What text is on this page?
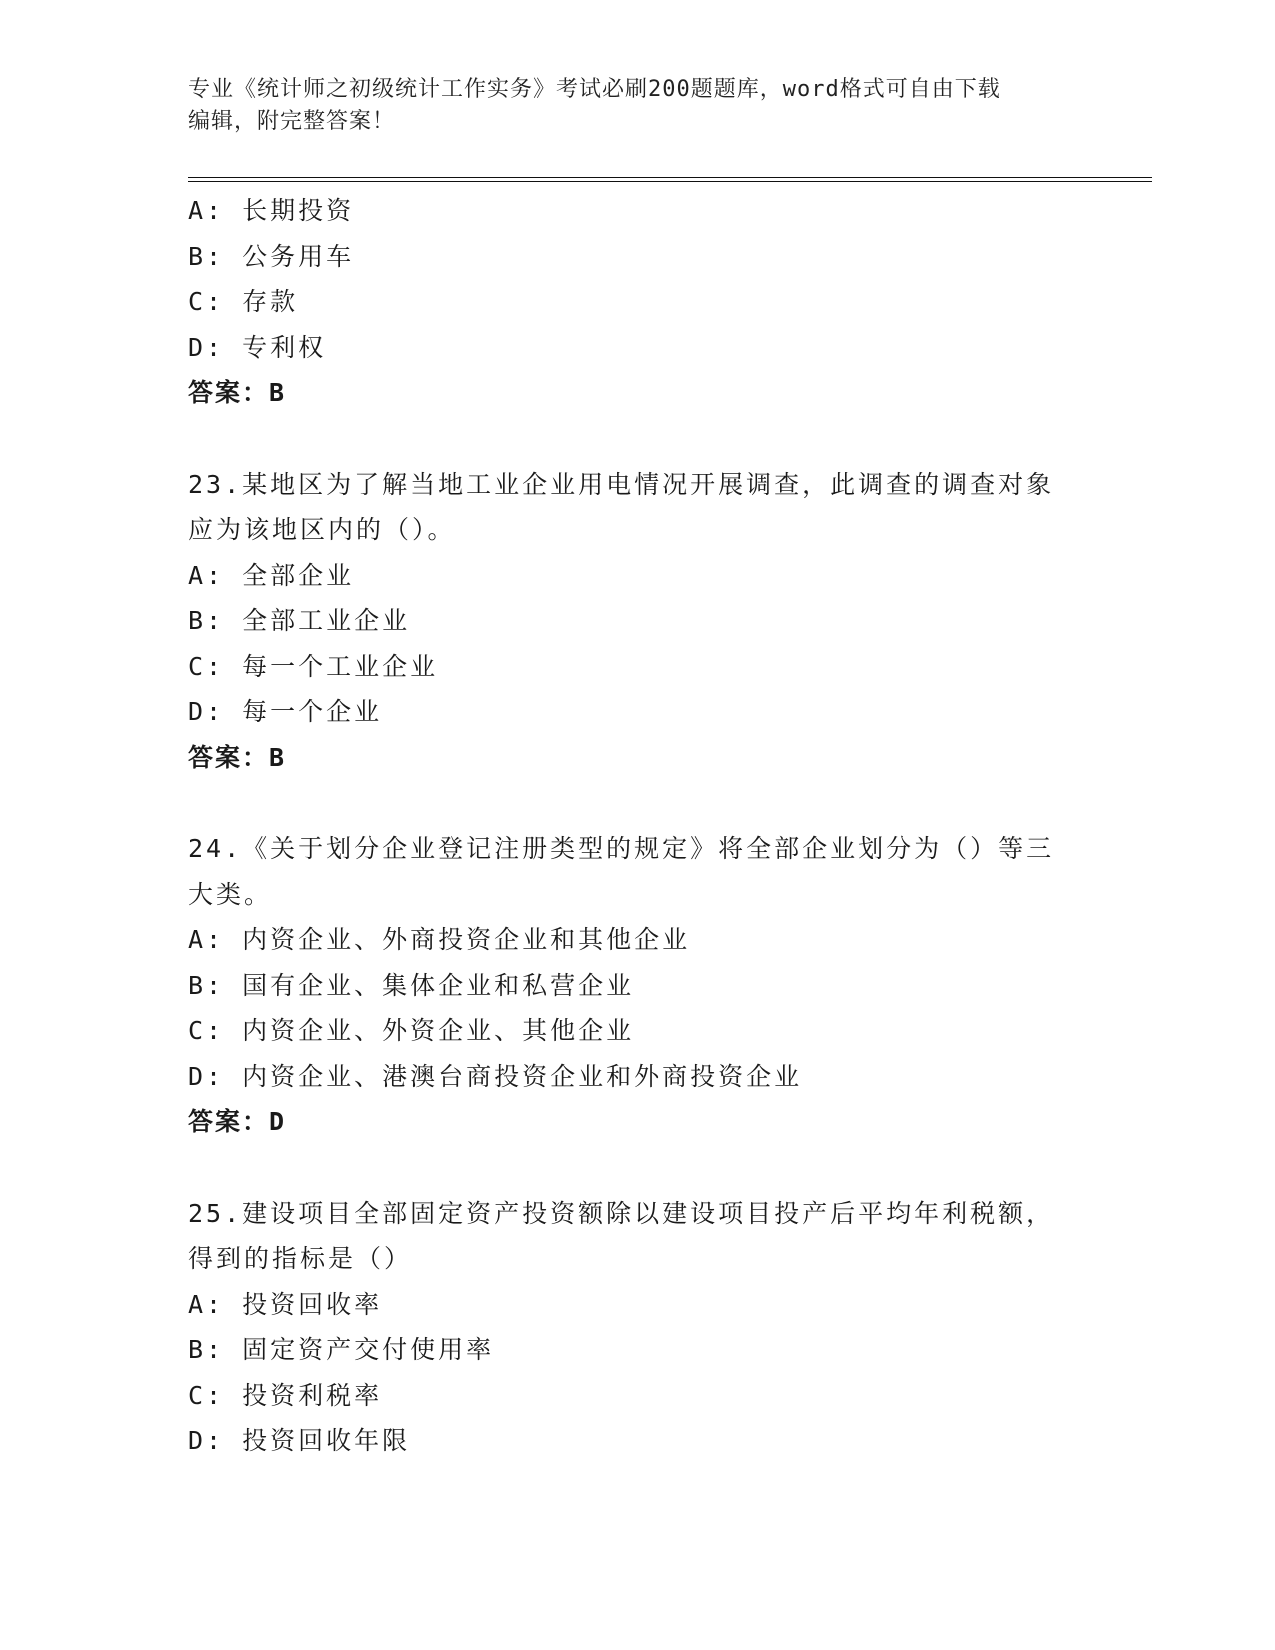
专业《统计师之初级统计工作实务》考试必刷200题题库，word格式可自由下载
编辑，附完整答案！
A: 长期投资
B: 公务用车
C: 存款
D: 专利权
答案：B
23.某地区为了解当地工业企业用电情况开展调查，此调查的调查对象
应为该地区内的（）。
A: 全部企业
B: 全部工业企业
C: 每一个工业企业
D: 每一个企业
答案：B
24.《关于划分企业登记注册类型的规定》将全部企业划分为（）等三
大类。
A: 内资企业、外商投资企业和其他企业
B: 国有企业、集体企业和私营企业
C: 内资企业、外资企业、其他企业
D: 内资企业、港澳台商投资企业和外商投资企业
答案：D
25.建设项目全部固定资产投资额除以建设项目投产后平均年利税额，
得到的指标是（）
A: 投资回收率
B: 固定资产交付使用率
C: 投资利税率
D: 投资回收年限
